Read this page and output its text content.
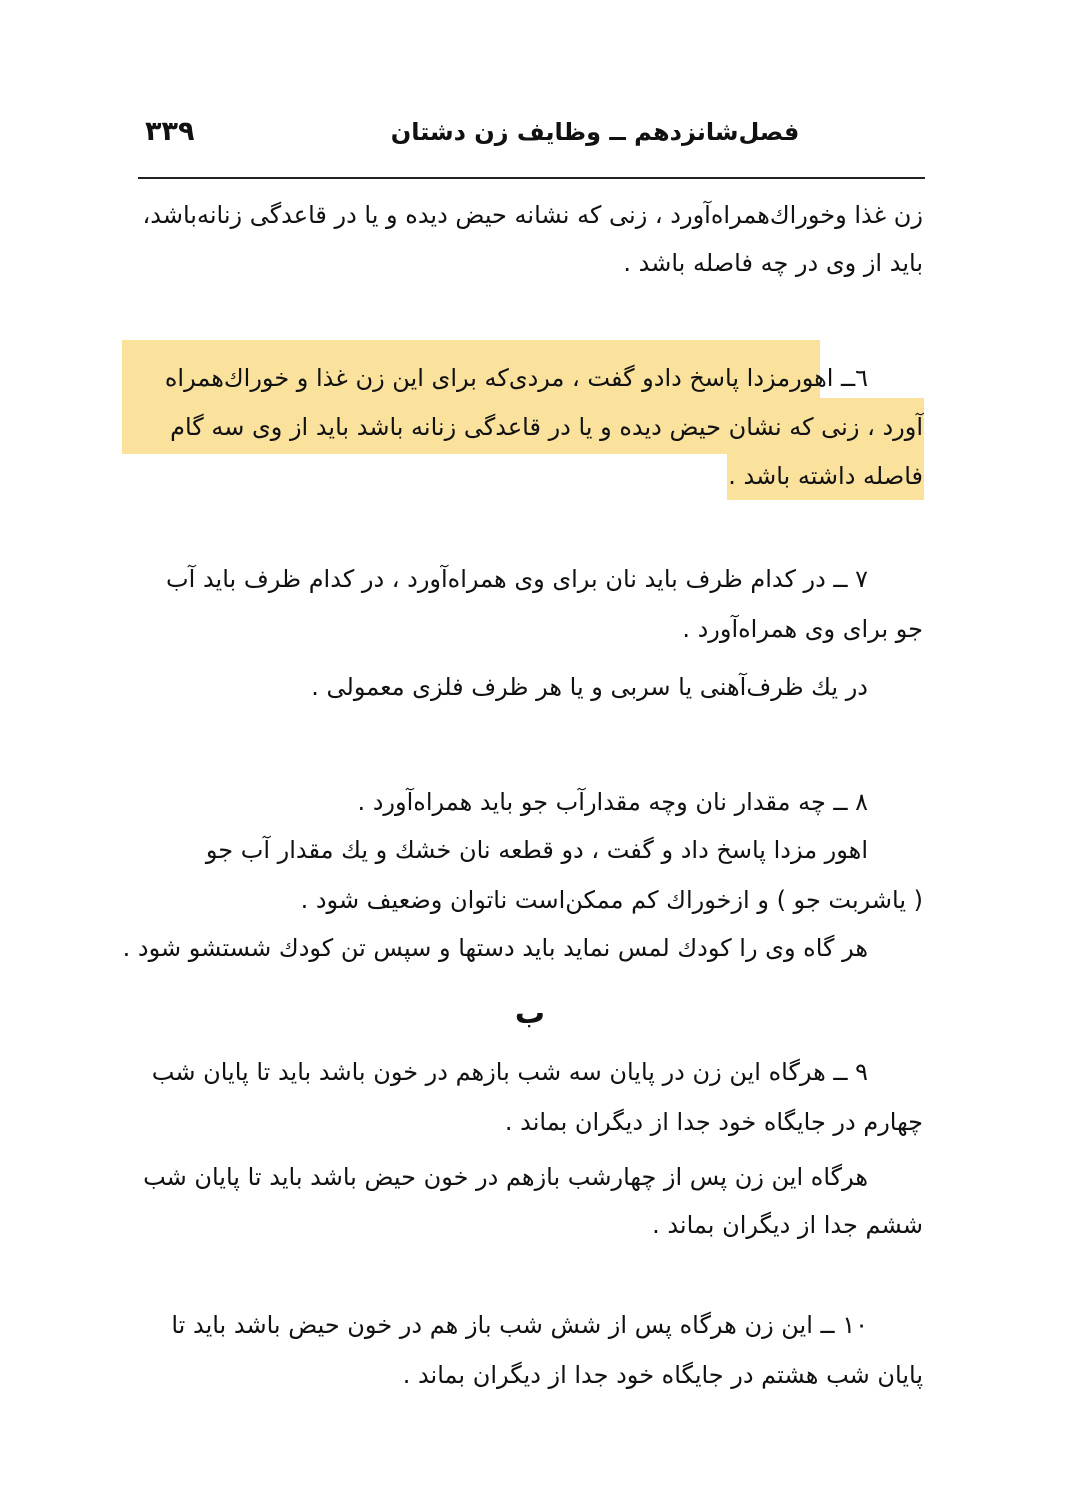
۳۳۹	فصل‌شانزدهم ــ وظایف زن دشتان
زن غذا وخوراك‌همراه‌آورد ، زنی که نشانه حیض دیده و یا در قاعدگی زنانه‌باشد،
باید از وی در چه فاصله باشد .
٦ــ اهورمزدا پاسخ دادو گفت ، مردی‌که برای این زن غذا و خوراك‌همراه
آورد ، زنی که نشان حیض دیده و یا در قاعدگی زنانه باشد باید از وی سه گام
فاصله داشته باشد .
۷ ــ در کدام ظرف باید نان برای وی همراه‌آورد ، در کدام ظرف باید آب
جو برای وی همراه‌آورد .
در یك ظرف‌آهنی یا سربی و یا هر ظرف فلزی معمولی .
۸ ــ چه مقدار نان وچه مقدارآب جو باید همراه‌آورد .
اهور مزدا پاسخ داد و گفت ، دو قطعه نان خشك و یك مقدار آب جو
( یاشربت جو ) و ازخوراك کم ممکن‌است ناتوان وضعیف شود .
هر گاه وی را کودك لمس نماید باید دستها و سپس تن کودك شستشو شود .
ب
۹ ــ هرگاه این زن در پایان سه شب بازهم در خون باشد باید تا پایان شب
چهارم در جایگاه خود جدا از دیگران بماند .
هرگاه این زن پس از چهارشب بازهم در خون حیض باشد باید تا پایان شب
ششم جدا از دیگران بماند .
۱۰ ــ این زن هرگاه پس از شش شب باز هم در خون حیض باشد باید تا
پایان شب هشتم در جایگاه خود جدا از دیگران بماند .
